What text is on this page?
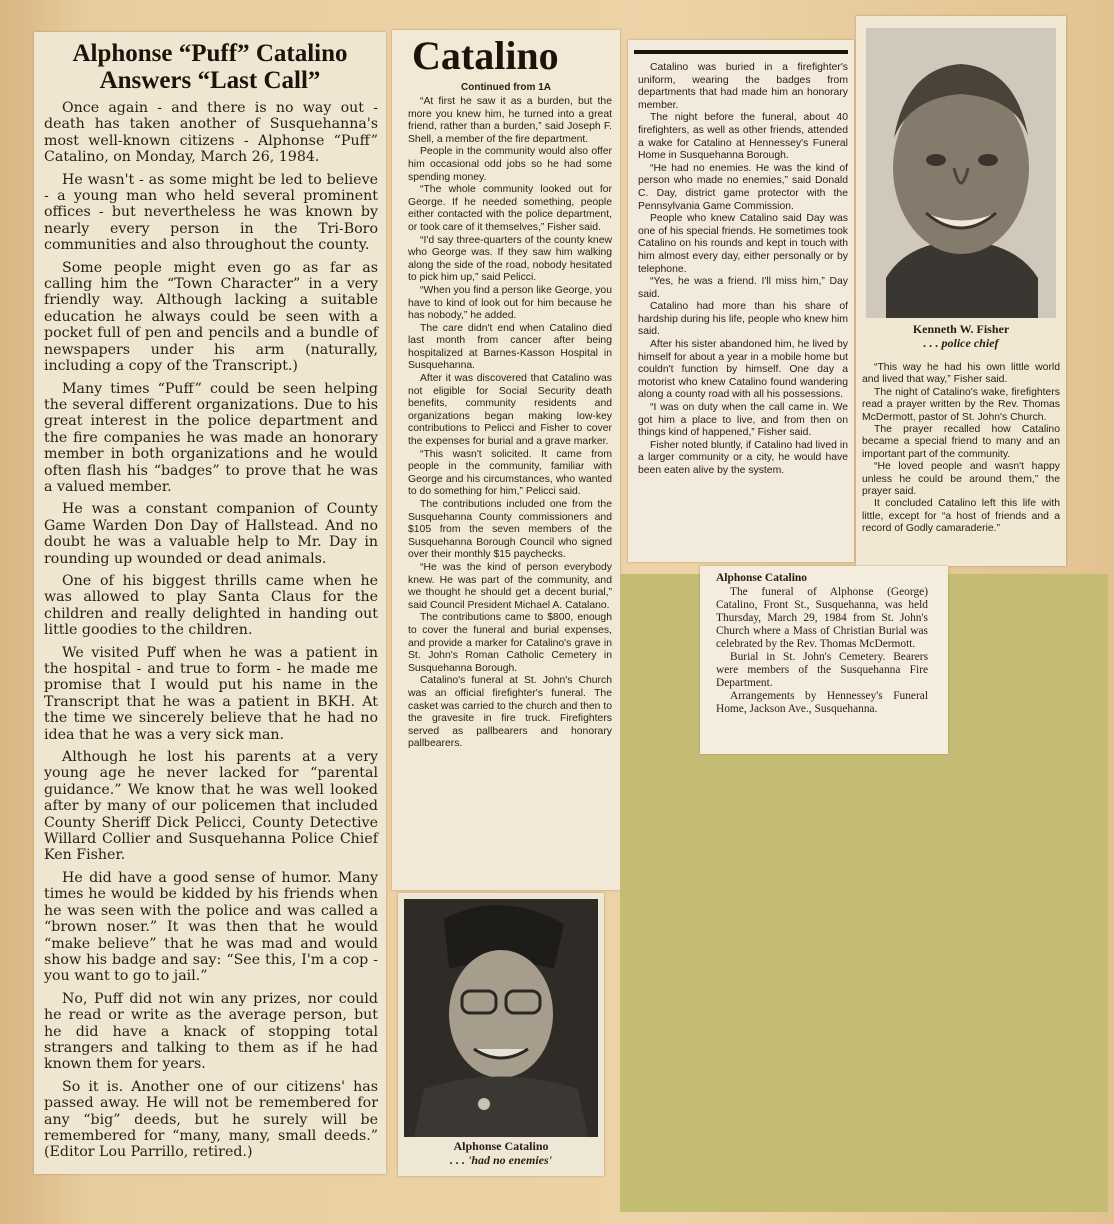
Alphonse “Puff” Catalino
Answers “Last Call”

Once again - and there is no way out - death has taken another of Susquehanna's most well-known citizens - Alphonse “Puff” Catalino, on Monday, March 26, 1984.

He wasn't - as some might be led to believe - a young man who held several prominent offices - but nevertheless he was known by nearly every person in the Tri-Boro communities and also throughout the county.

Some people might even go as far as calling him the “Town Character” in a very friendly way. Although lacking a suitable education he always could be seen with a pocket full of pen and pencils and a bundle of newspapers under his arm (naturally, including a copy of the Transcript.)

Many times “Puff” could be seen helping the several different organizations. Due to his great interest in the police department and the fire companies he was made an honorary member in both organizations and he would often flash his “badges” to prove that he was a valued member.

He was a constant companion of County Game Warden Don Day of Hallstead. And no doubt he was a valuable help to Mr. Day in rounding up wounded or dead animals.

One of his biggest thrills came when he was allowed to play Santa Claus for the children and really delighted in handing out little goodies to the children.

We visited Puff when he was a patient in the hospital - and true to form - he made me promise that I would put his name in the Transcript that he was a patient in BKH. At the time we sincerely believe that he had no idea that he was a very sick man.

Although he lost his parents at a very young age he never lacked for “parental guidance.” We know that he was well looked after by many of our policemen that included County Sheriff Dick Pelicci, County Detective Willard Collier and Susquehanna Police Chief Ken Fisher.

He did have a good sense of humor. Many times he would be kidded by his friends when he was seen with the police and was called a “brown noser.” It was then that he would “make believe” that he was mad and would show his badge and say: “See this, I'm a cop - you want to go to jail.”

No, Puff did not win any prizes, nor could he read or write as the average person, but he did have a knack of stopping total strangers and talking to them as if he had known them for years.

So it is. Another one of our citizens' has passed away. He will not be remembered for any “big” deeds, but he surely will be remembered for “many, many, small deeds.” (Editor Lou Parrillo, retired.)

Catalino
Continued from 1A

“At first he saw it as a burden, but the more you knew him, he turned into a great friend, rather than a burden,” said Joseph F. Shell, a member of the fire department.

People in the community would also offer him occasional odd jobs so he had some spending money.

“The whole community looked out for George. If he needed something, people either contacted with the police department, or took care of it themselves,” Fisher said.

“I'd say three-quarters of the county knew who George was. If they saw him walking along the side of the road, nobody hesitated to pick him up,” said Pelicci.

“When you find a person like George, you have to kind of look out for him because he has nobody,” he added.

The care didn't end when Catalino died last month from cancer after being hospitalized at Barnes-Kasson Hospital in Susquehanna.

After it was discovered that Catalino was not eligible for Social Security death benefits, community residents and organizations began making low-key contributions to Pelicci and Fisher to cover the expenses for burial and a grave marker.

“This wasn't solicited. It came from people in the community, familiar with George and his circumstances, who wanted to do something for him,” Pelicci said.

The contributions included one from the Susquehanna County commissioners and $105 from the seven members of the Susquehanna Borough Council who signed over their monthly $15 paychecks.

“He was the kind of person everybody knew. He was part of the community, and we thought he should get a decent burial,” said Council President Michael A. Catalano.

The contributions came to $800, enough to cover the funeral and burial expenses, and provide a marker for Catalino's grave in St. John's Roman Catholic Cemetery in Susquehanna Borough.

Catalino's funeral at St. John's Church was an official firefighter's funeral. The casket was carried to the church and then to the gravesite in fire truck. Firefighters served as pallbearers and honorary pallbearers.

Catalino was buried in a firefighter's uniform, wearing the badges from departments that had made him an honorary member.

The night before the funeral, about 40 firefighters, as well as other friends, attended a wake for Catalino at Hennessey's Funeral Home in Susquehanna Borough.

“He had no enemies. He was the kind of person who made no enemies,” said Donald C. Day, district game protector with the Pennsylvania Game Commission.

People who knew Catalino said Day was one of his special friends. He sometimes took Catalino on his rounds and kept in touch with him almost every day, either personally or by telephone.

“Yes, he was a friend. I'll miss him,” Day said.

Catalino had more than his share of hardship during his life, people who knew him said.

After his sister abandoned him, he lived by himself for about a year in a mobile home but couldn't function by himself. One day a motorist who knew Catalino found wandering along a county road with all his possessions.

“I was on duty when the call came in. We got him a place to live, and from then on things kind of happened,” Fisher said.

Fisher noted bluntly, if Catalino had lived in a larger community or a city, he would have been eaten alive by the system.

Kenneth W. Fisher
. . . police chief

“This way he had his own little world and lived that way,” Fisher said.

The night of Catalino's wake, firefighters read a prayer written by the Rev. Thomas McDermott, pastor of St. John's Church.

The prayer recalled how Catalino became a special friend to many and an important part of the community.

“He loved people and wasn't happy unless he could be around them,” the prayer said.

It concluded Catalino left this life with little, except for “a host of friends and a record of Godly camaraderie.”

Alphonse Catalino
. . . 'had no enemies'
Alphonse Catalino

The funeral of Alphonse (George) Catalino, Front St., Susquehanna, was held Thursday, March 29, 1984 from St. John's Church where a Mass of Christian Burial was celebrated by the Rev. Thomas McDermott.

Burial in St. John's Cemetery. Bearers were members of the Susquehanna Fire Department.

Arrangements by Hennessey's Funeral Home, Jackson Ave., Susquehanna.
